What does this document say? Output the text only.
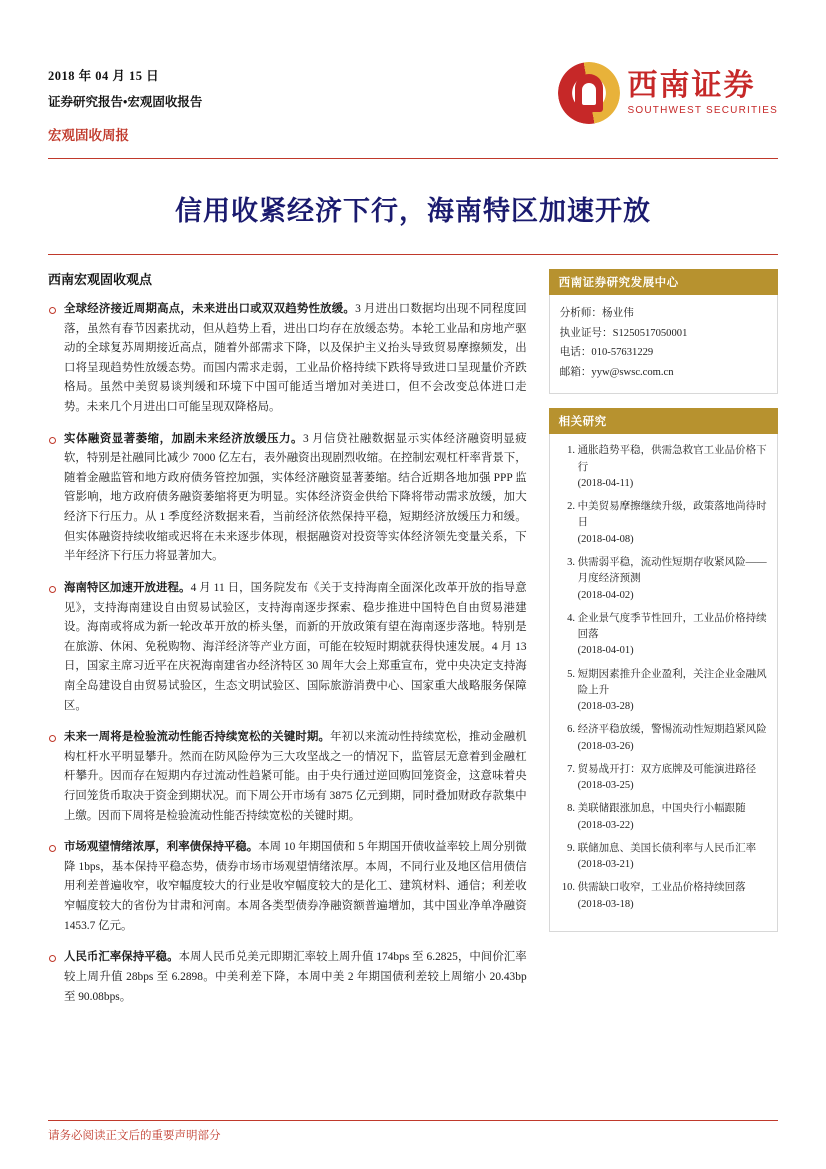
2018 年 04 月 15 日
证券研究报告•宏观固收报告
宏观固收周报
西南证券
SOUTHWEST SECURITIES
信用收紧经济下行，海南特区加速开放
西南宏观固收观点
全球经济接近周期高点，未来进出口或双双趋势性放缓。3 月进出口数据均出现不同程度回落，虽然有春节因素扰动，但从趋势上看，进出口均存在放缓态势。本轮工业品和房地产驱动的全球复苏周期接近高点，随着外部需求下降，以及保护主义抬头导致贸易摩擦频发，出口将呈现趋势性放缓态势。而国内需求走弱，工业品价格持续下跌将导致进口呈现量价齐跌格局。虽然中美贸易谈判缓和环境下中国可能适当增加对美进口，但不会改变总体进口走势。未来几个月进出口可能呈现双降格局。
实体融资显著萎缩，加剧未来经济放缓压力。3 月信贷社融数据显示实体经济融资明显疲软，特别是社融同比减少 7000 亿左右，表外融资出现剧烈收缩。在控制宏观杠杆率背景下，随着金融监管和地方政府债务管控加强，实体经济融资显著萎缩。结合近期各地加强 PPP 监管影响，地方政府债务融资萎缩将更为明显。实体经济资金供给下降将带动需求放缓，加大经济下行压力。从 1 季度经济数据来看，当前经济依然保持平稳，短期经济放缓压力和缓。但实体融资持续收缩或迟将在未来逐步体现，根据融资对投资等实体经济领先变量关系，下半年经济下行压力将显著加大。
海南特区加速开放进程。4 月 11 日，国务院发布《关于支持海南全面深化改革开放的指导意见》，支持海南建设自由贸易试验区，支持海南逐步探索、稳步推进中国特色自由贸易港建设。海南或将成为新一轮改革开放的桥头堡，而新的开放政策有望在海南逐步落地。特别是在旅游、休闲、免税购物、海洋经济等产业方面，可能在较短时期就获得快速发展。4 月 13 日，国家主席习近平在庆祝海南建省办经济特区 30 周年大会上郑重宣布，党中央决定支持海南全岛建设自由贸易试验区，生态文明试验区、国际旅游消费中心、国家重大战略服务保障区。
未来一周将是检验流动性能否持续宽松的关键时期。年初以来流动性持续宽松，推动金融机构杠杆水平明显攀升。然而在防风险停为三大攻坚战之一的情况下，监管层无意着到金融杠杆攀升。因而存在短期内存过流动性趋紧可能。由于央行通过逆回购回笼资金，这意味着央行回笼货币取决于资金到期状况。而下周公开市场有 3875 亿元到期，同时叠加财政存款集中上缴。因而下周将是检验流动性能否持续宽松的关键时期。
市场观望情绪浓厚，利率债保持平稳。本周 10 年期国债和 5 年期国开债收益率较上周分别微降 1bps，基本保持平稳态势，债券市场市场观望情绪浓厚。本周，不同行业及地区信用债信用利差普遍收窄，收窄幅度较大的行业是收窄幅度较大的是化工、建筑材料、通信；利差收窄幅度较大的省份为甘肃和河南。本周各类型债券净融资额普遍增加，其中国业净单净融资 1453.7 亿元。
人民币汇率保持平稳。本周人民币兑美元即期汇率较上周升值 174bps 至 6.2825，中间价汇率较上周升值 28bps 至 6.2898。中美利差下降，本周中美 2 年期国债利差较上周缩小 20.43bp 至 90.08bps。
西南证券研究发展中心
分析师：杨业伟
执业证号：S1250517050001
电话：010-57631229
邮箱：yyw@swsc.com.cn
相关研究
1. 通胀趋势平稳，供需急救官工业品价格下行
(2018-04-11)
2. 中美贸易摩擦继续升级，政策落地尚待时日
(2018-04-08)
3. 供需弱平稳，流动性短期存收紧风险——月度经济预测
(2018-04-02)
4. 企业景气度季节性回升，工业品价格持续回落
(2018-04-01)
5. 短期因素推升企业盈利，关注企业金融风险上升
(2018-03-28)
6. 经济平稳放缓，警惕流动性短期趋紧风险
(2018-03-26)
7. 贸易战开打：双方底牌及可能演进路径
(2018-03-25)
8. 美联储跟涨加息，中国央行小幅跟随
(2018-03-22)
9. 联储加息、美国长债利率与人民币汇率
(2018-03-21)
10. 供需缺口收窄，工业品价格持续回落
(2018-03-18)
请务必阅读正文后的重要声明部分
